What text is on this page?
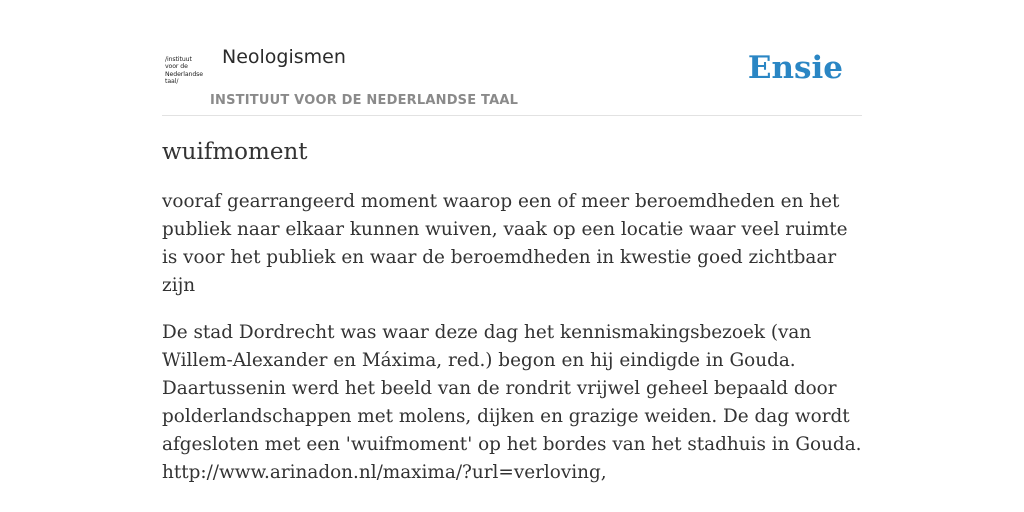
/instituut
voor de
Nederlandse
taal/
Neologismen
INSTITUUT VOOR DE NEDERLANDSE TAAL
Ensie
wuifmoment
vooraf gearrangeerd moment waarop een of meer beroemdheden en het publiek naar elkaar kunnen wuiven, vaak op een locatie waar veel ruimte is voor het publiek en waar de beroemdheden in kwestie goed zichtbaar zijn
De stad Dordrecht was waar deze dag het kennismakingsbezoek (van Willem-Alexander en Máxima, red.) begon en hij eindigde in Gouda. Daartussenin werd het beeld van de rondrit vrijwel geheel bepaald door polderlandschappen met molens, dijken en grazige weiden. De dag wordt afgesloten met een 'wuifmoment' op het bordes van het stadhuis in Gouda.
http://www.arinadon.nl/maxima/?url=verloving,
